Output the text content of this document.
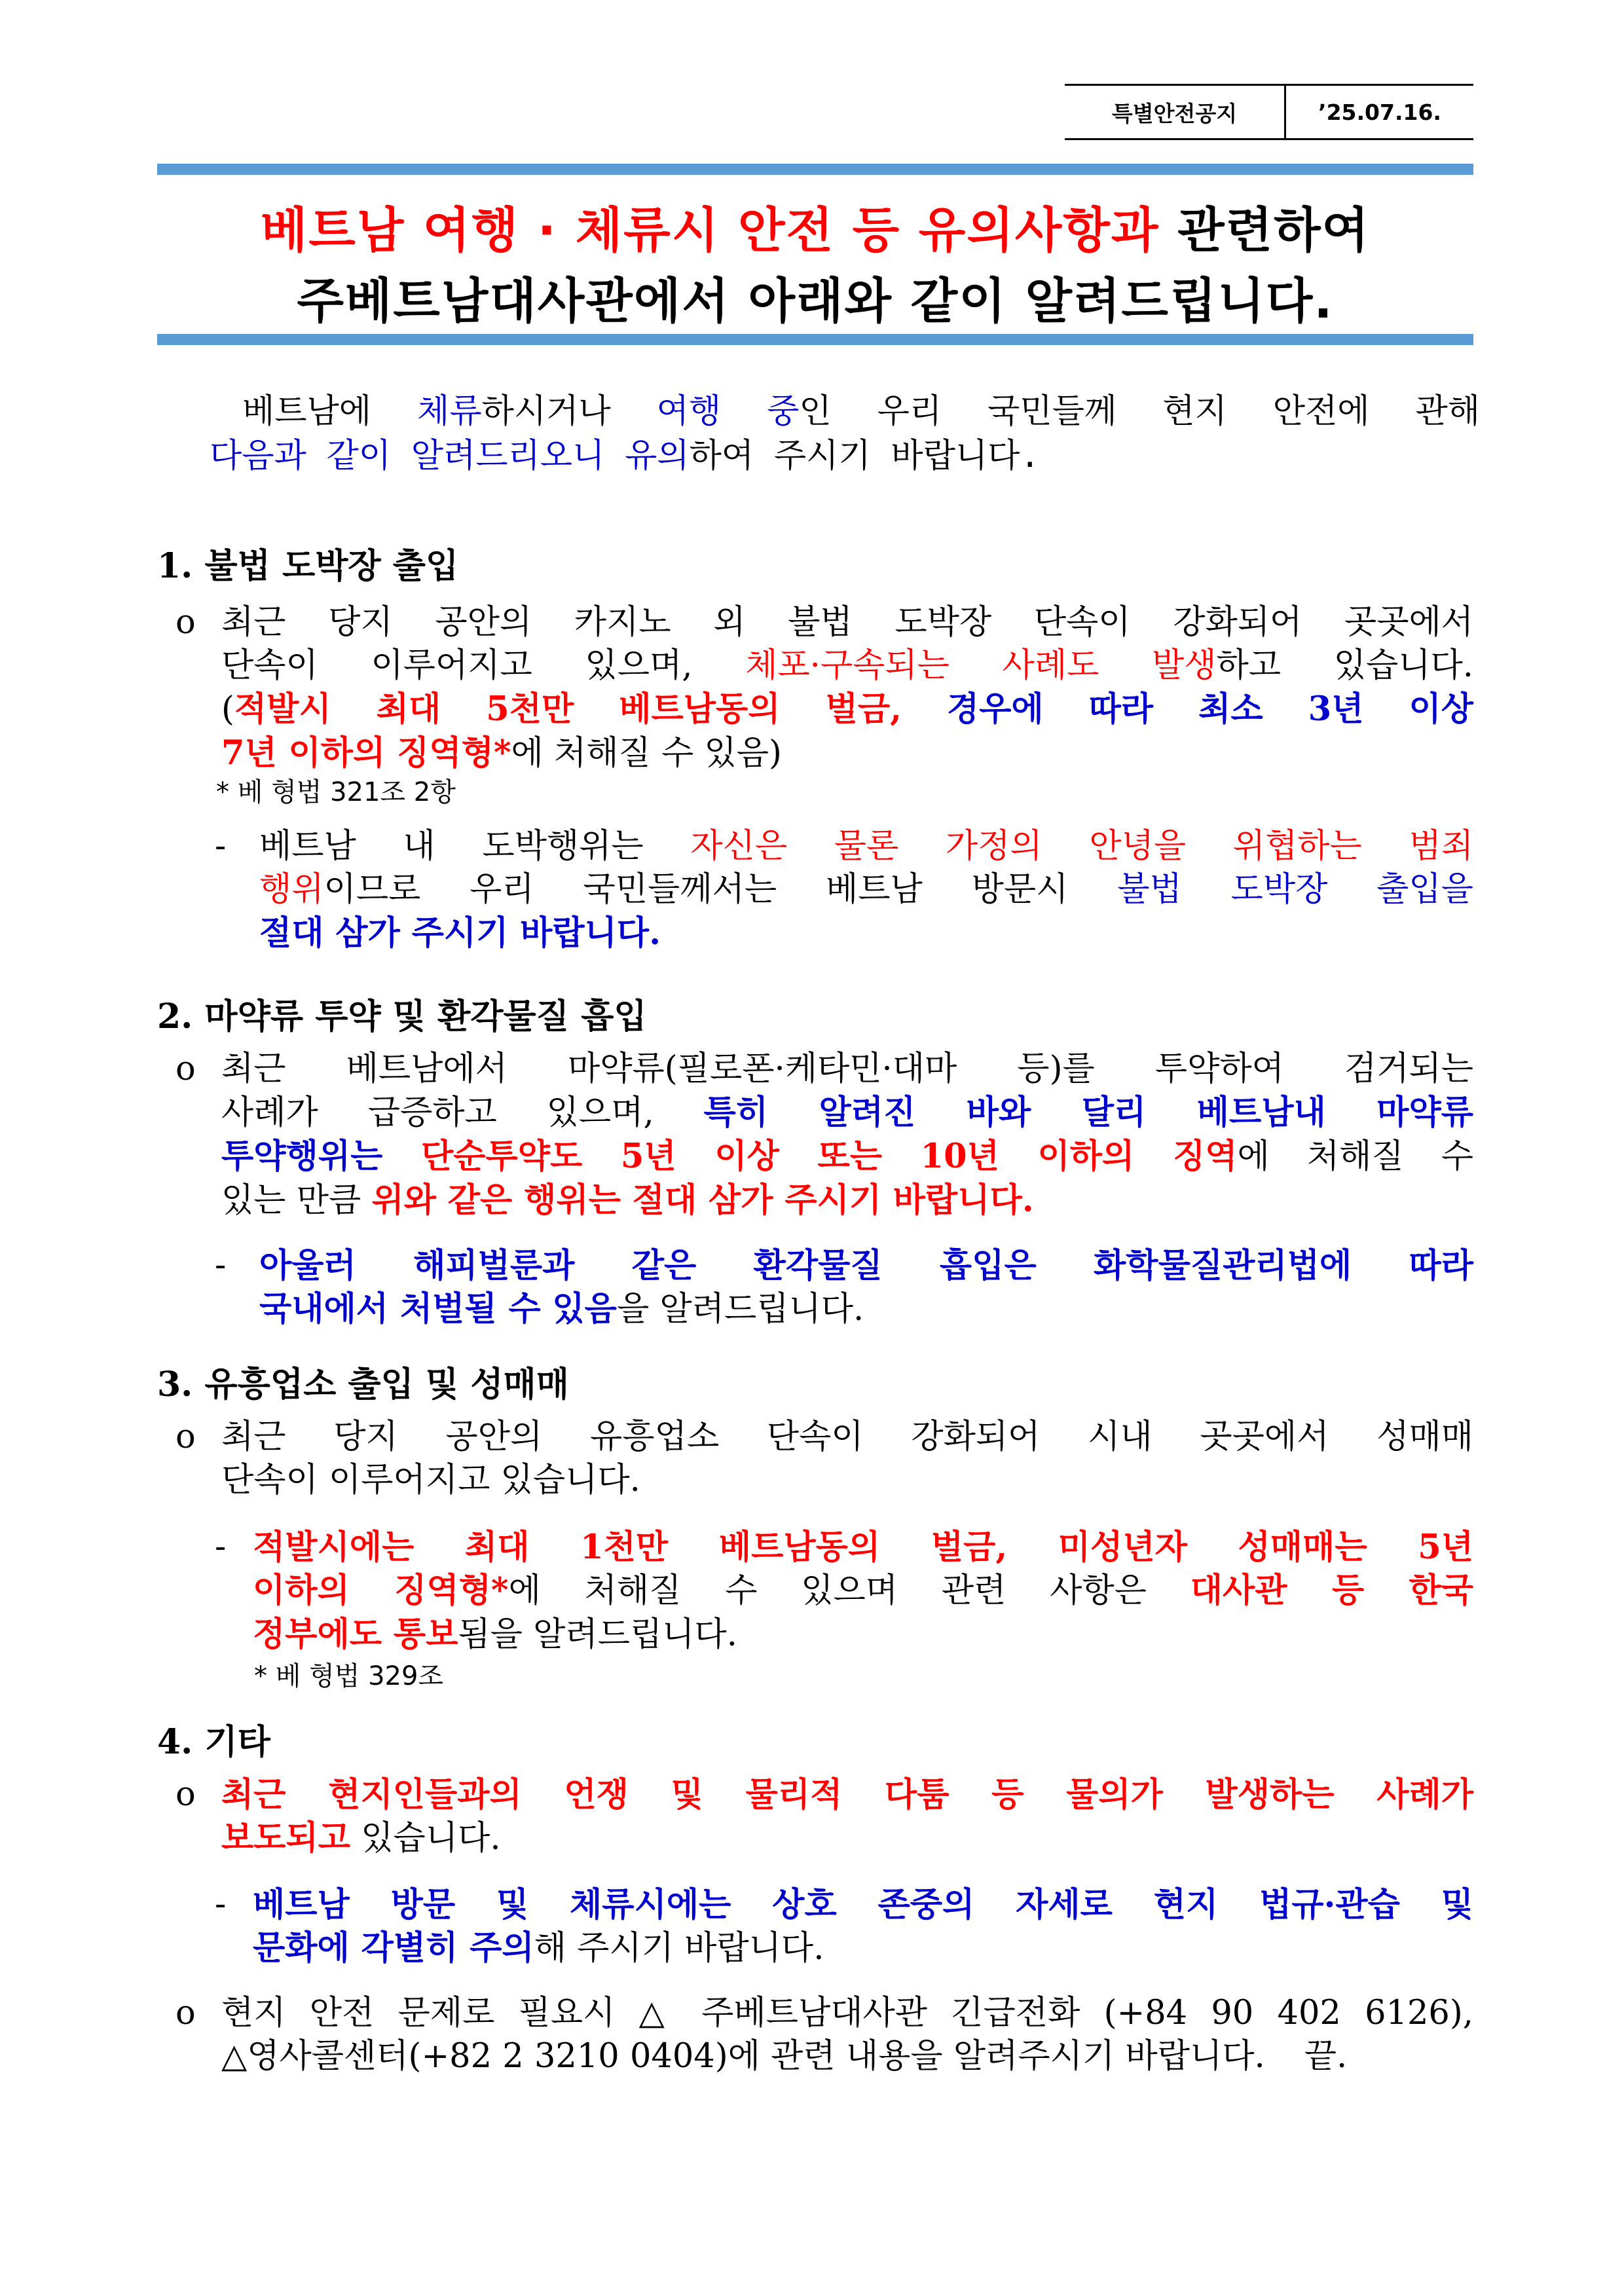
특별안전공지	’25.07.16.
베트남 여행 · 체류시 안전 등 유의사항과 관련하여
주베트남대사관에서 아래와 같이 알려드립니다.
베트남에 체류하시거나 여행 중인 우리 국민들께 현지 안전에 관해
다음과 같이 알려드리오니 유의하여 주시기 바랍니다.
1. 불법 도박장 출입
o 최근 당지 공안의 카지노 외 불법 도박장 단속이 강화되어 곳곳에서
단속이 이루어지고 있으며, 체포·구속되는 사례도 발생하고 있습니다.
(적발시 최대 5천만 베트남동의 벌금, 경우에 따라 최소 3년 이상
7년 이하의 징역형*에 처해질 수 있음)
* 베 형법 321조 2항
- 베트남 내 도박행위는 자신은 물론 가정의 안녕을 위협하는 범죄
행위이므로 우리 국민들께서는 베트남 방문시 불법 도박장 출입을
절대 삼가 주시기 바랍니다.
2. 마약류 투약 및 환각물질 흡입
o 최근 베트남에서 마약류(필로폰·케타민·대마 등)를 투약하여 검거되는
사례가 급증하고 있으며, 특히 알려진 바와 달리 베트남내 마약류
투약행위는 단순투약도 5년 이상 또는 10년 이하의 징역에 처해질 수
있는 만큼 위와 같은 행위는 절대 삼가 주시기 바랍니다.
- 아울러 해피벌룬과 같은 환각물질 흡입은 화학물질관리법에 따라
국내에서 처벌될 수 있음을 알려드립니다.
3. 유흥업소 출입 및 성매매
o 최근 당지 공안의 유흥업소 단속이 강화되어 시내 곳곳에서 성매매
단속이 이루어지고 있습니다.
- 적발시에는 최대 1천만 베트남동의 벌금, 미성년자 성매매는 5년
이하의 징역형*에 처해질 수 있으며 관련 사항은 대사관 등 한국
정부에도 통보됨을 알려드립니다.
* 베 형법 329조
4. 기타
o 최근 현지인들과의 언쟁 및 물리적 다툼 등 물의가 발생하는 사례가
보도되고 있습니다.
- 베트남 방문 및 체류시에는 상호 존중의 자세로 현지 법규·관습 및
문화에 각별히 주의해 주시기 바랍니다.
o 현지 안전 문제로 필요시 △ 주베트남대사관 긴급전화 (+84 90 402 6126),
△영사콜센터(+82 2 3210 0404)에 관련 내용을 알려주시기 바랍니다. 끝.
